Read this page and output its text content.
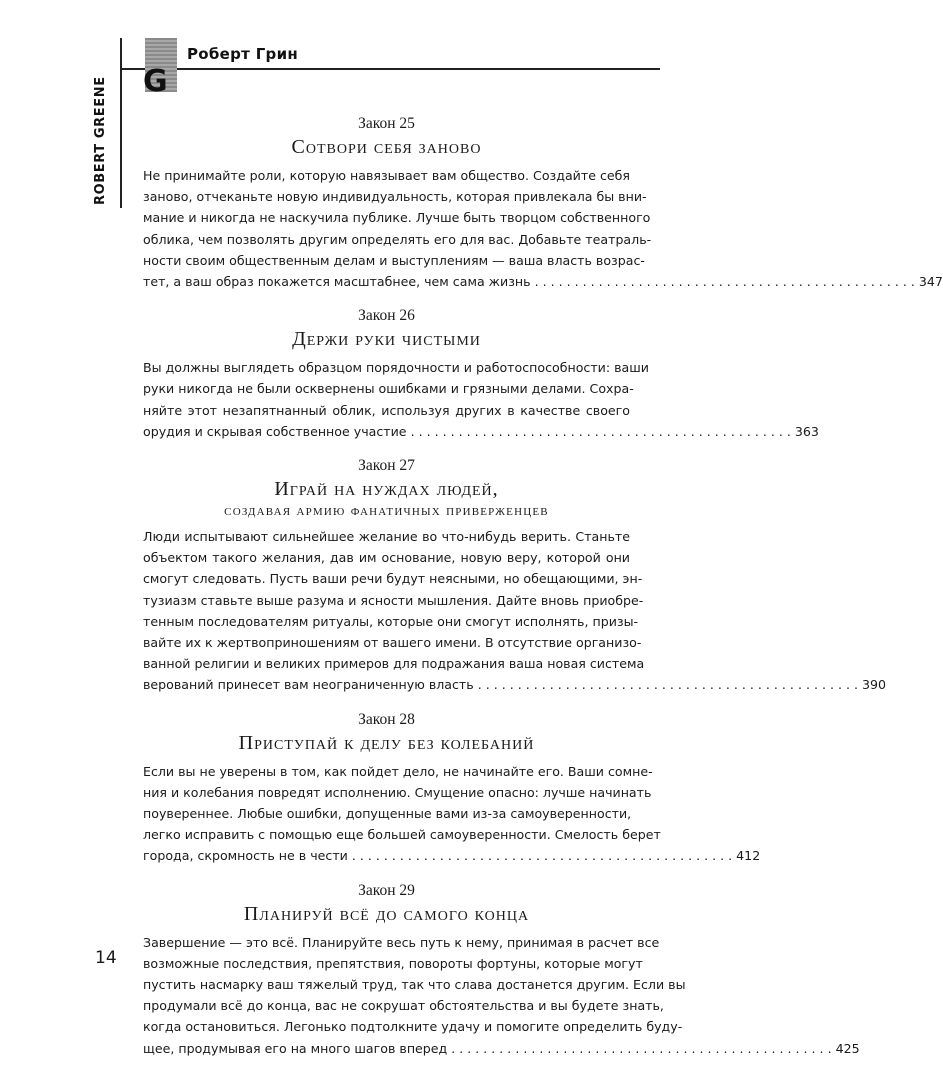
G
Роберт Грин
ROBERT GREENE	Закон 25
Сотвори себя заново
Не принимайте роли, которую навязывает вам общество. Создайте себя
заново, отчеканьте новую индивидуальность, которая привлекала бы вни-
мание и никогда не наскучила публике. Лучше быть творцом собственного
облика, чем позволять другим определять его для вас. Добавьте театраль-
ности своим общественным делам и выступлениям — ваша власть возрас-
тет, а ваш образ покажется масштабнее, чем сама жизнь . . .	347
Закон 26
Держи руки чистыми
Вы должны выглядеть образцом порядочности и работоспособности: ваши
руки никогда не были осквернены ошибками и грязными делами. Сохра-
няйте этот незапятнанный облик, используя других в качестве своего
орудия и скрывая собственное участие . . .	363
Закон 27
Играй на нуждах людей,
создавая армию фанатичных приверженцев
Люди испытывают сильнейшее желание во что-нибудь верить. Станьте
объектом такого желания, дав им основание, новую веру, которой они
смогут следовать. Пусть ваши речи будут неясными, но обещающими, эн-
тузиазм ставьте выше разума и ясности мышления. Дайте вновь приобре-
тенным последователям ритуалы, которые они смогут исполнять, призы-
вайте их к жертвоприношениям от вашего имени. В отсутствие организо-
ванной религии и великих примеров для подражания ваша новая система
верований принесет вам неограниченную власть . . .	390
Закон 28
Приступай к делу без колебаний
Если вы не уверены в том, как пойдет дело, не начинайте его. Ваши сомне-
ния и колебания повредят исполнению. Смущение опасно: лучше начинать
поувереннее. Любые ошибки, допущенные вами из-за самоуверенности,
легко исправить с помощью еще большей самоуверенности. Смелость берет
города, скромность не в чести . . .	412
Закон 29
Планируй всё до самого конца
Завершение — это всё. Планируйте весь путь к нему, принимая в расчет все
возможные последствия, препятствия, повороты фортуны, которые могут
пустить насмарку ваш тяжелый труд, так что слава достанется другим. Если вы
продумали всё до конца, вас не сокрушат обстоятельства и вы будете знать,
когда остановиться. Легонько подтолкните удачу и помогите определить буду-
щее, продумывая его на много шагов вперед . . .	425
14
